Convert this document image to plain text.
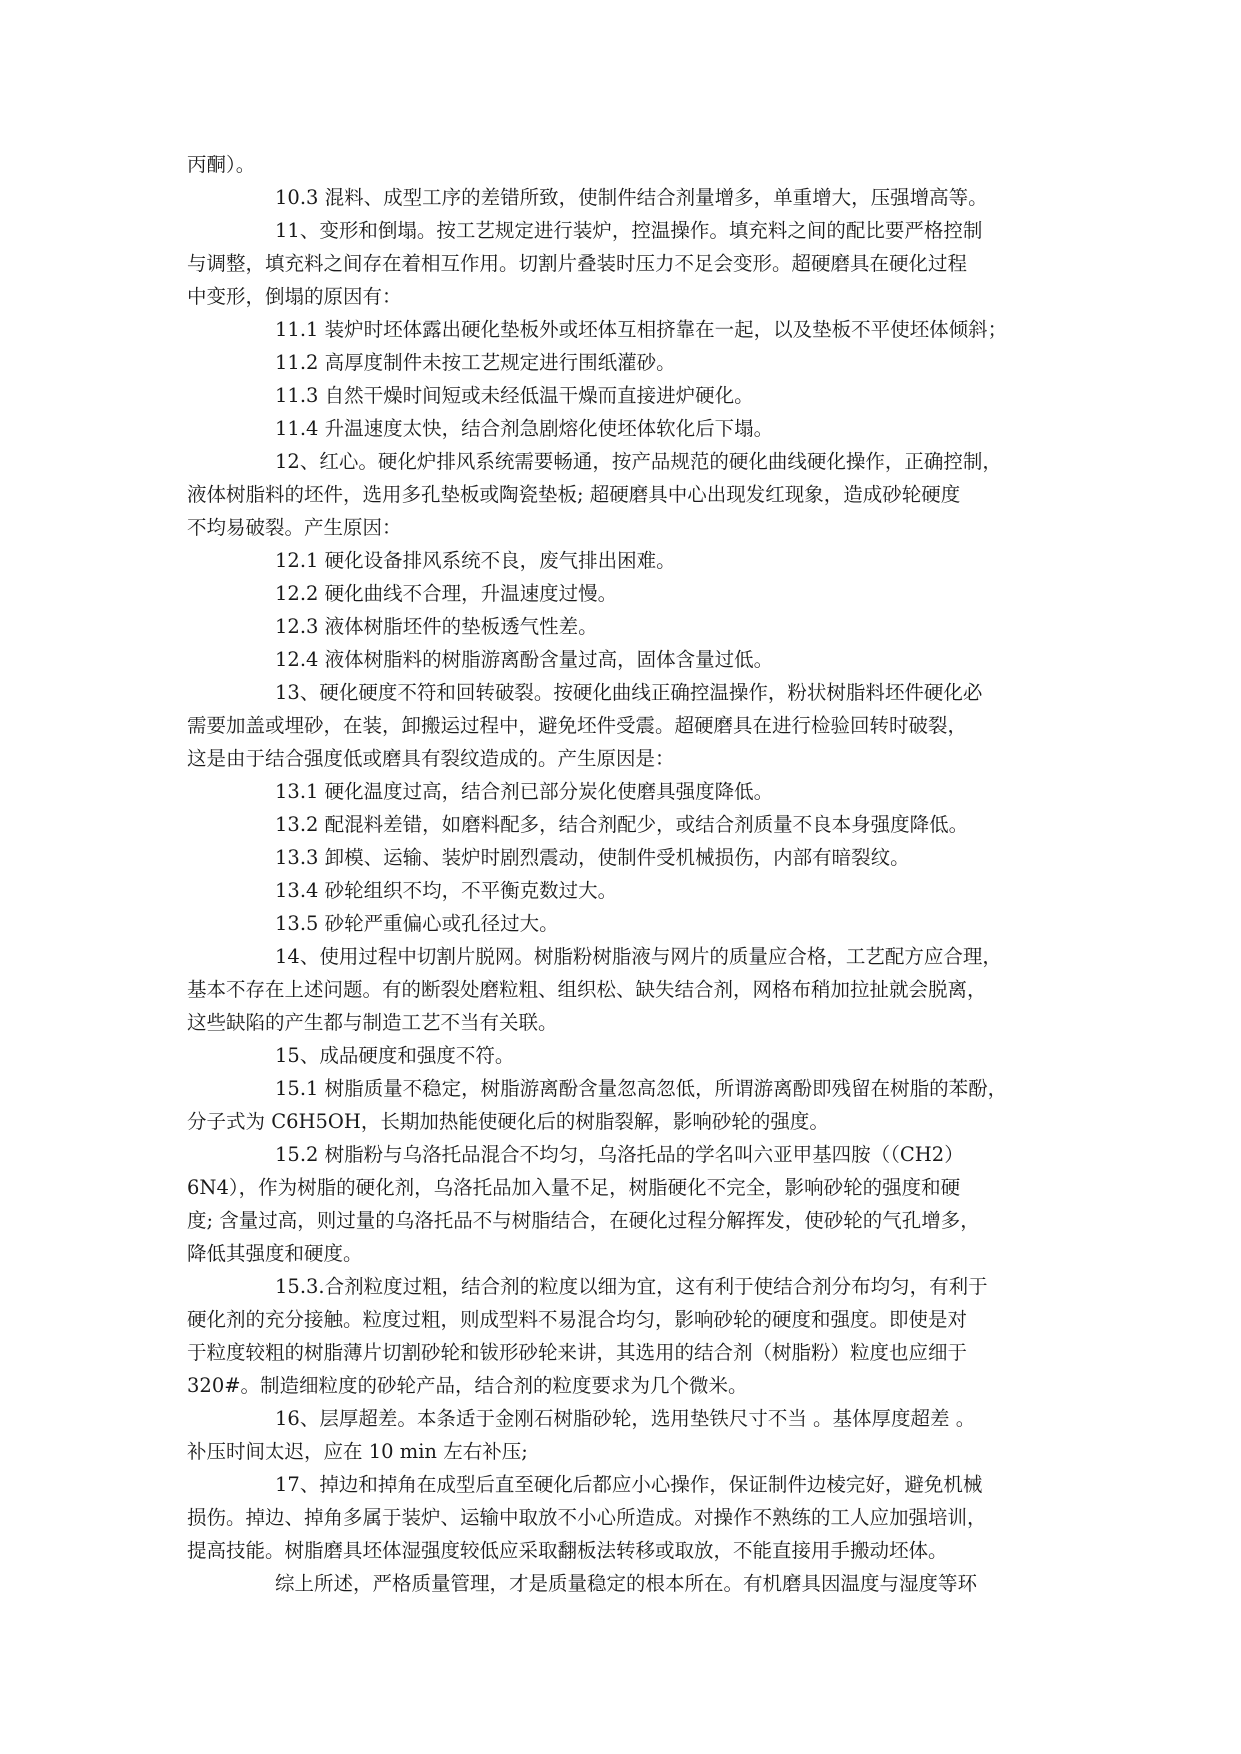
丙酮）。
10.3 混料、成型工序的差错所致，使制件结合剂量增多，单重增大，压强增高等。
11、变形和倒塌。按工艺规定进行装炉，控温操作。填充料之间的配比要严格控制
与调整，填充料之间存在着相互作用。切割片叠装时压力不足会变形。超硬磨具在硬化过程
中变形，倒塌的原因有：
11.1 装炉时坯体露出硬化垫板外或坯体互相挤靠在一起，以及垫板不平使坯体倾斜；
11.2 高厚度制件未按工艺规定进行围纸灌砂。
11.3 自然干燥时间短或未经低温干燥而直接进炉硬化。
11.4 升温速度太快，结合剂急剧熔化使坯体软化后下塌。
12、红心。硬化炉排风系统需要畅通，按产品规范的硬化曲线硬化操作，正确控制，
液体树脂料的坯件，选用多孔垫板或陶瓷垫板; 超硬磨具中心出现发红现象，造成砂轮硬度
不均易破裂。产生原因：
12.1 硬化设备排风系统不良，废气排出困难。
12.2 硬化曲线不合理，升温速度过慢。
12.3 液体树脂坯件的垫板透气性差。
12.4 液体树脂料的树脂游离酚含量过高，固体含量过低。
13、硬化硬度不符和回转破裂。按硬化曲线正确控温操作，粉状树脂料坯件硬化必
需要加盖或埋砂，在装，卸搬运过程中，避免坯件受震。超硬磨具在进行检验回转时破裂，
这是由于结合强度低或磨具有裂纹造成的。产生原因是：
13.1 硬化温度过高，结合剂已部分炭化使磨具强度降低。
13.2 配混料差错，如磨料配多，结合剂配少，或结合剂质量不良本身强度降低。
13.3 卸模、运输、装炉时剧烈震动，使制件受机械损伤，内部有暗裂纹。
13.4 砂轮组织不均，不平衡克数过大。
13.5 砂轮严重偏心或孔径过大。
14、使用过程中切割片脱网。树脂粉树脂液与网片的质量应合格，工艺配方应合理，
基本不存在上述问题。有的断裂处磨粒粗、组织松、缺失结合剂，网格布稍加拉扯就会脱离，
这些缺陷的产生都与制造工艺不当有关联。
15、成品硬度和强度不符。
15.1 树脂质量不稳定，树脂游离酚含量忽高忽低，所谓游离酚即残留在树脂的苯酚，
分子式为 C6H5OH，长期加热能使硬化后的树脂裂解，影响砂轮的强度。
15.2 树脂粉与乌洛托品混合不均匀，乌洛托品的学名叫六亚甲基四胺（（CH2）
6N4），作为树脂的硬化剂，乌洛托品加入量不足，树脂硬化不完全，影响砂轮的强度和硬
度; 含量过高，则过量的乌洛托品不与树脂结合，在硬化过程分解挥发，使砂轮的气孔增多，
降低其强度和硬度。
15.3.合剂粒度过粗，结合剂的粒度以细为宜，这有利于使结合剂分布均匀，有利于
硬化剂的充分接触。粒度过粗，则成型料不易混合均匀，影响砂轮的硬度和强度。即使是对
于粒度较粗的树脂薄片切割砂轮和钹形砂轮来讲，其选用的结合剂（树脂粉）粒度也应细于
320#。制造细粒度的砂轮产品，结合剂的粒度要求为几个微米。
16、层厚超差。本条适于金刚石树脂砂轮，选用垫铁尺寸不当 。基体厚度超差 。
补压时间太迟，应在 10 min 左右补压;
17、掉边和掉角在成型后直至硬化后都应小心操作，保证制件边棱完好，避免机械
损伤。掉边、掉角多属于装炉、运输中取放不小心所造成。对操作不熟练的工人应加强培训，
提高技能。树脂磨具坯体湿强度较低应采取翻板法转移或取放，不能直接用手搬动坯体。
综上所述，严格质量管理，才是质量稳定的根本所在。有机磨具因温度与湿度等环
